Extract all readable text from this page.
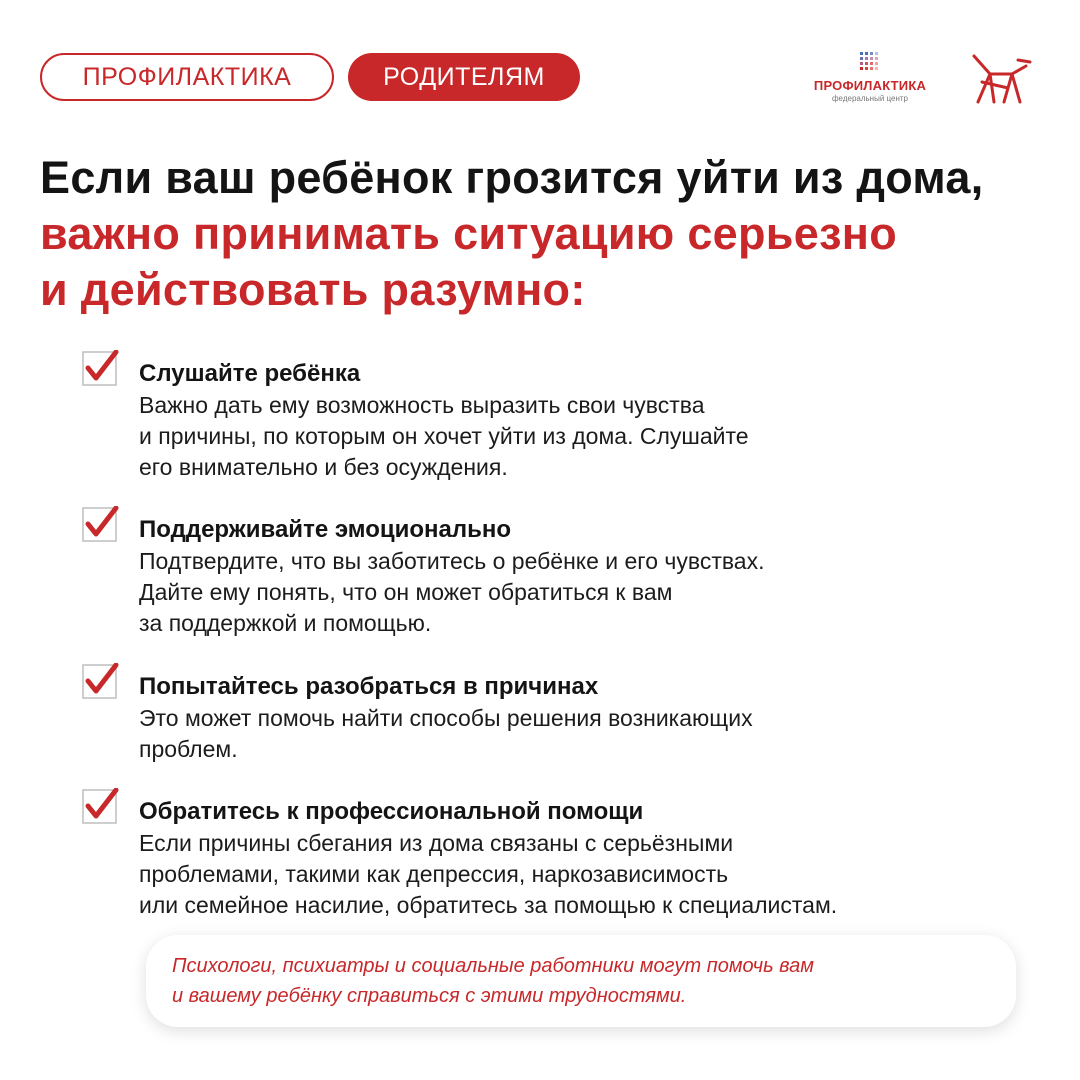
ПРОФИЛАКТИКА	РОДИТЕЛЯМ	ПРОФИЛАКТИКА
федеральный центр
Если ваш ребёнок грозится уйти из дома,
важно принимать ситуацию серьезно
и действовать разумно:
Слушайте ребёнка
Важно дать ему возможность выразить свои чувства
и причины, по которым он хочет уйти из дома. Слушайте
его внимательно и без осуждения.
Поддерживайте эмоционально
Подтвердите, что вы заботитесь о ребёнке и его чувствах.
Дайте ему понять, что он может обратиться к вам
за поддержкой и помощью.
Попытайтесь разобраться в причинах
Это может помочь найти способы решения возникающих
проблем.
Обратитесь к профессиональной помощи
Если причины сбегания из дома связаны с серьёзными
проблемами, такими как депрессия, наркозависимость
или семейное насилие, обратитесь за помощью к специалистам.
Психологи, психиатры и социальные работники могут помочь вам
и вашему ребёнку справиться с этими трудностями.
